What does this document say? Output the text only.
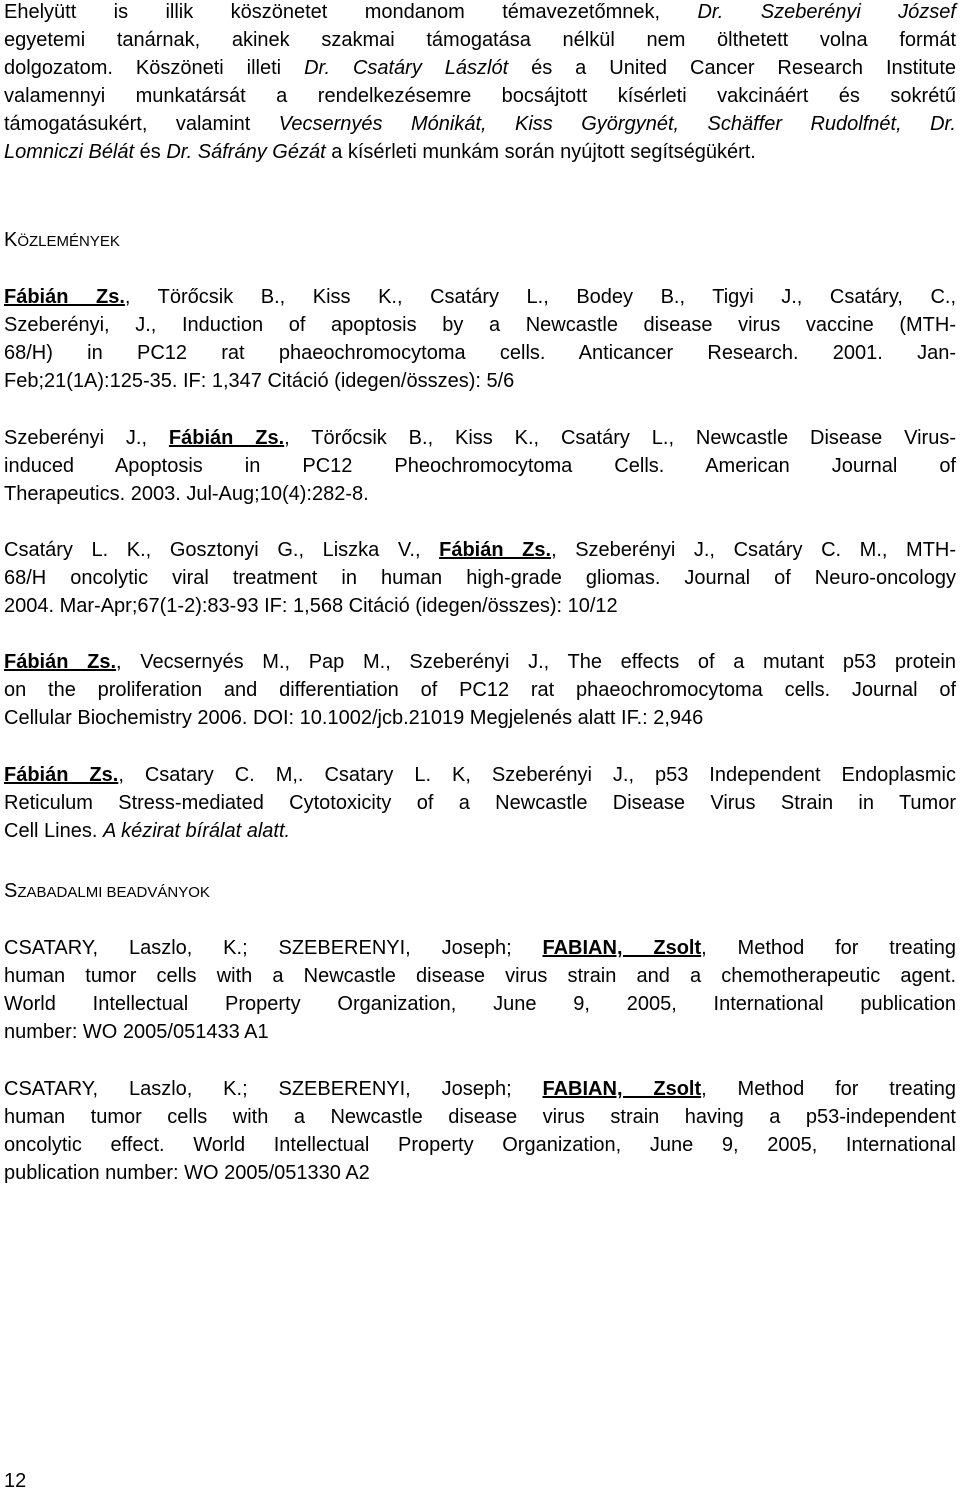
Ehelyütt is illik köszönetet mondanom témavezetőmnek, Dr. Szeberényi József
egyetemi tanárnak, akinek szakmai támogatása nélkül nem ölthetett volna formát
dolgozatom. Köszöneti illeti Dr. Csatáry Lászlót és a United Cancer Research Institute
valamennyi munkatársát a rendelkezésemre bocsájtott kísérleti vakcináért és sokrétű
támogatásukért, valamint Vecsernyés Mónikát, Kiss Györgynét, Schäffer Rudolfnét, Dr.
Lomniczi Bélát és Dr. Sáfrány Gézát a kísérleti munkám során nyújtott segítségükért.
KÖZLEMÉNYEK
Fábián Zs., Törőcsik B., Kiss K., Csatáry L., Bodey B., Tigyi J., Csatáry, C.,
Szeberényi, J., Induction of apoptosis by a Newcastle disease virus vaccine (MTH-
68/H) in PC12 rat phaeochromocytoma cells. Anticancer Research. 2001. Jan-
Feb;21(1A):125-35. IF: 1,347 Citáció (idegen/összes): 5/6
Szeberényi J., Fábián Zs., Törőcsik B., Kiss K., Csatáry L., Newcastle Disease Virus-
induced Apoptosis in PC12 Pheochromocytoma Cells. American Journal of
Therapeutics. 2003. Jul-Aug;10(4):282-8.
Csatáry L. K., Gosztonyi G., Liszka V., Fábián Zs., Szeberényi J., Csatáry C. M., MTH-
68/H oncolytic viral treatment in human high-grade gliomas. Journal of Neuro-oncology
2004. Mar-Apr;67(1-2):83-93 IF: 1,568 Citáció (idegen/összes): 10/12
Fábián Zs., Vecsernyés M., Pap M., Szeberényi J., The effects of a mutant p53 protein
on the proliferation and differentiation of PC12 rat phaeochromocytoma cells. Journal of
Cellular Biochemistry 2006. DOI: 10.1002/jcb.21019 Megjelenés alatt IF.: 2,946
Fábián Zs., Csatary C. M,. Csatary L. K, Szeberényi J., p53 Independent Endoplasmic
Reticulum Stress-mediated Cytotoxicity of a Newcastle Disease Virus Strain in Tumor
Cell Lines. A kézirat bírálat alatt.
SZABADALMI BEADVÁNYOK
CSATARY, Laszlo, K.; SZEBERENYI, Joseph; FABIAN, Zsolt, Method for treating
human tumor cells with a Newcastle disease virus strain and a chemotherapeutic agent.
World Intellectual Property Organization, June 9, 2005, International publication
number: WO 2005/051433 A1
CSATARY, Laszlo, K.; SZEBERENYI, Joseph; FABIAN, Zsolt, Method for treating
human tumor cells with a Newcastle disease virus strain having a p53-independent
oncolytic effect. World Intellectual Property Organization, June 9, 2005, International
publication number: WO 2005/051330 A2
12
